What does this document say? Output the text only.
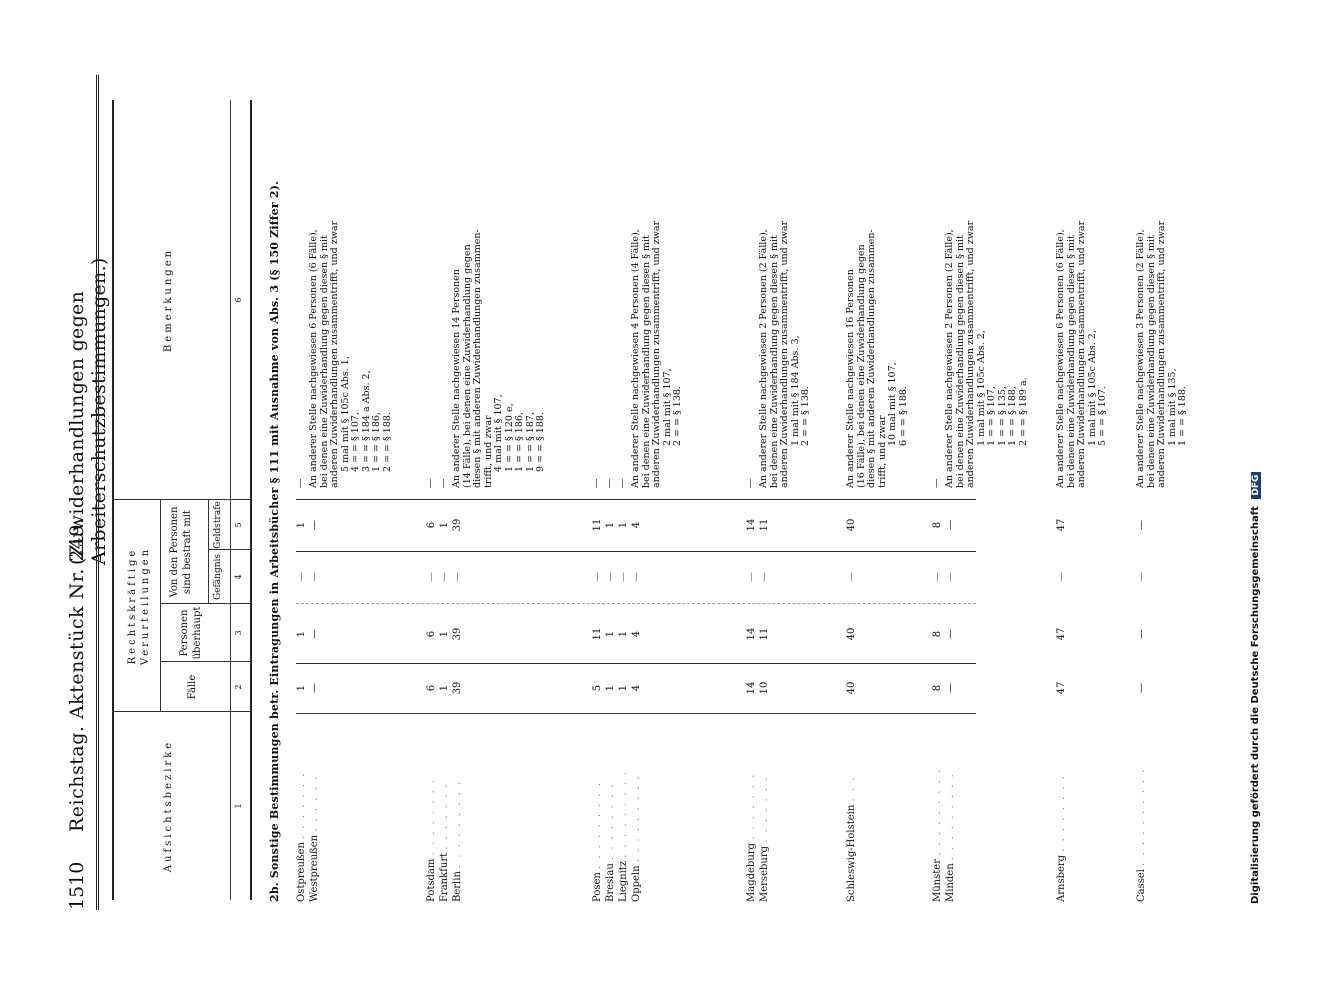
1510
Reichstag. Aktenstück Nr. 249.
(Zuwiderhandlungen gegen Arbeiterschutzbestimmungen.)
Aufsichtsbezirke
Rechtskräftige Verurteilungen
Fälle
Personen überhaupt
Von den Personen sind bestraft mit Gefängnis
Geldstrafe
Bemerkungen
1
2
3
4
5
6 2b. Sonstige Bestimmungen betr. Eintragungen in Arbeitsbücher § 111 mit Ausnahme von Abs. 3 (§ 150 Ziffer 2). Ostpreußen . . . . . . .
1
1
—
1
—
Westpreußen . . . . . .
—
—
—
—
An anderer Stelle nachgewiesen 6 Personen (6 Fälle), bei denen eine Zuwiderhandlung gegen diesen § mit anderen Zuwiderhandlungen zusammentrifft, und zwar 5 mal mit § 105c Abs. 1, 4 = = § 107, 3 = = § 184 a Abs. 2, 1 = = § 186, 2 = = § 188.
Potsdam . . . . . . . .
6
6
—
6
—
Frankfurt . . . . . . .
1
1
—
1
—
Berlin . . . . . . . . .
39
39
—
39
An anderer Stelle nachgewiesen 14 Personen (14 Fälle), bei denen eine Zuwiderhandlung gegen diesen § mit anderen Zuwiderhandlungen zusammen- trifft, und zwar 4 mal mit § 107, 1 = = § 120 e, 1 = = § 186, 1 = = § 187, 9 = = § 188.
Posen . . . . . . . . .
5
11
—
11
—
Breslau . . . . . . . .
1
1
—
1
—
Liegnitz . . . . . . . . .
1
1
—
1
—
Oppeln . . . . . . . . .
4
4
—
4
An anderer Stelle nachgewiesen 4 Personen (4 Fälle), bei denen eine Zuwiderhandlung gegen diesen § mit anderen Zuwiderhandlungen zusammentrifft, und zwar 2 mal mit § 107, 2 = = § 138.
Magdeburg . . . . . . .
14
14
—
14
—
Merseburg . . . . . . .
10
11
—
11
An anderer Stelle nachgewiesen 2 Personen (2 Fälle), bei denen eine Zuwiderhandlung gegen diesen § mit anderen Zuwiderhandlungen zusammentrifft, und zwar 1 mal mit § 184 Abs. 3, 2 = = § 138.
Schleswig-Holstein . . .
40
40
—
40
An anderer Stelle nachgewiesen 16 Personen (16 Fälle), bei denen eine Zuwiderhandlung gegen diesen § mit anderen Zuwiderhandlungen zusammen- trifft, und zwar
10 mal mit § 107, 6 = = § 188.
Münster . . . . . . . . .
8
8
—
8
—
Minden . . . . . . . . .
—
—
—
—
An anderer Stelle nachgewiesen 2 Personen (2 Fälle), bei denen eine Zuwiderhandlung gegen diesen § mit anderen Zuwiderhandlungen zusammentrifft, und zwar 1 mal mit § 105c Abs. 2, 1 = = § 107, 1 = = § 135, 1 = = § 188, 2 = = § 189 a.
Arnsberg . . . . . . . .
47
47
—
47
An anderer Stelle nachgewiesen 6 Personen (6 Fälle), bei denen eine Zuwiderhandlung gegen diesen § mit anderen Zuwiderhandlungen zusammentrifft, und zwar 1 mal mit § 105c Abs. 2, 5 = = § 107.
Cassel . . . . . . . . . .
—
—
—
—
An anderer Stelle nachgewiesen 3 Personen (2 Fälle), bei denen eine Zuwiderhandlung gegen diesen § mit anderen Zuwiderhandlungen zusammentrifft, und zwar 1 mal mit § 135, 1 = = § 188.
Digitalisierung gefördert durch die Deutsche Forschungsgemeinschaft DFG
